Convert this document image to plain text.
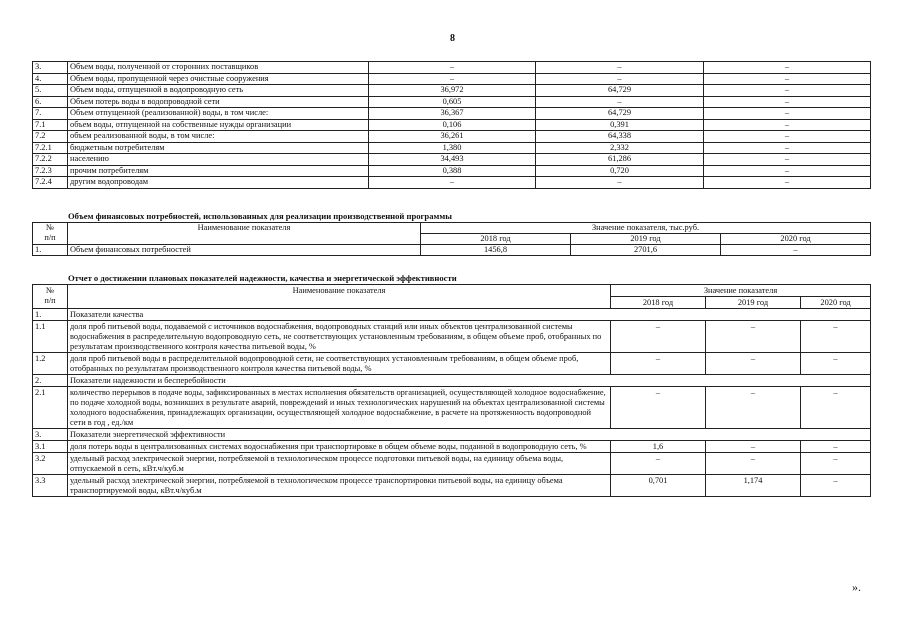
8
3.	Объем воды, полученной от сторонних поставщиков	–	–	–
4.	Объем воды, пропущенной через очистные сооружения	–	–	–
5.	Объем воды, отпущенной в водопроводную сеть	36,972	64,729	–
6.	Объем потерь воды в водопроводной сети	0,605	–	–
7.	Объем отпущенной (реализованной) воды, в том числе:	36,367	64,729	–
7.1	объем воды, отпущенной на собственные нужды организации	0,106	0,391	–
7.2	объем реализованной воды, в том числе:	36,261	64,338	–
7.2.1	бюджетным потребителям	1,380	2,332	–
7.2.2	населению	34,493	61,286	–
7.2.3	прочим потребителям	0,388	0,720	–
7.2.4	другим водопроводам	–	–	–
Объем финансовых потребностей, использованных для реализации производственной программы
№
п/п	Наименование показателя	Значение показателя, тыс.руб.		
		2018 год	2019 год	2020 год
1.	Объем финансовых потребностей	1456,8	2701,6	–
Отчет о достижении плановых показателей надежности, качества и энергетической эффективности
№
п/п	Наименование показателя	Значение показателя		
		2018 год	2019 год	2020 год
1.	Показатели качества			
1.1	доля проб питьевой воды, подаваемой с источников водоснабжения, водопроводных станций или иных объектов централизованной системы водоснабжения в распределительную водопроводную сеть, не соответствующих установленным требованиям, в общем объеме проб, отобранных по результатам производственного контроля качества питьевой воды, %	–	–	–
1.2	доля проб питьевой воды в распределительной водопроводной сети, не соответствующих установленным требованиям, в общем объеме проб, отобранных по результатам производственного контроля качества питьевой воды, %	–	–	–
2.	Показатели надежности и бесперебойности			
2.1	количество перерывов в подаче воды, зафиксированных в местах исполнения обязательств организацией, осуществляющей холодное водоснабжение, по подаче холодной воды, возникших в результате аварий, повреждений и иных технологических нарушений на объектах централизованной системы холодного водоснабжения, принадлежащих организации, осуществляющей холодное водоснабжение, в расчете на протяженность водопроводной сети в год , ед./км	–	–	–
3.	Показатели энергетической эффективности			
3.1	доля потерь воды в централизованных системах водоснабжения при транспортировке в общем объеме воды, поданной в водопроводную сеть, %	1,6	–	–
3.2	удельный расход электрической энергии, потребляемой в технологическом процессе подготовки питьевой воды, на единицу объема воды, отпускаемой в сеть, кВт.ч/куб.м	–	–	–
3.3	удельный расход электрической энергии, потребляемой в технологическом процессе транспортировки питьевой воды, на единицу объема транспортируемой воды, кВт.ч/куб.м	0,701	1,174	–
».
